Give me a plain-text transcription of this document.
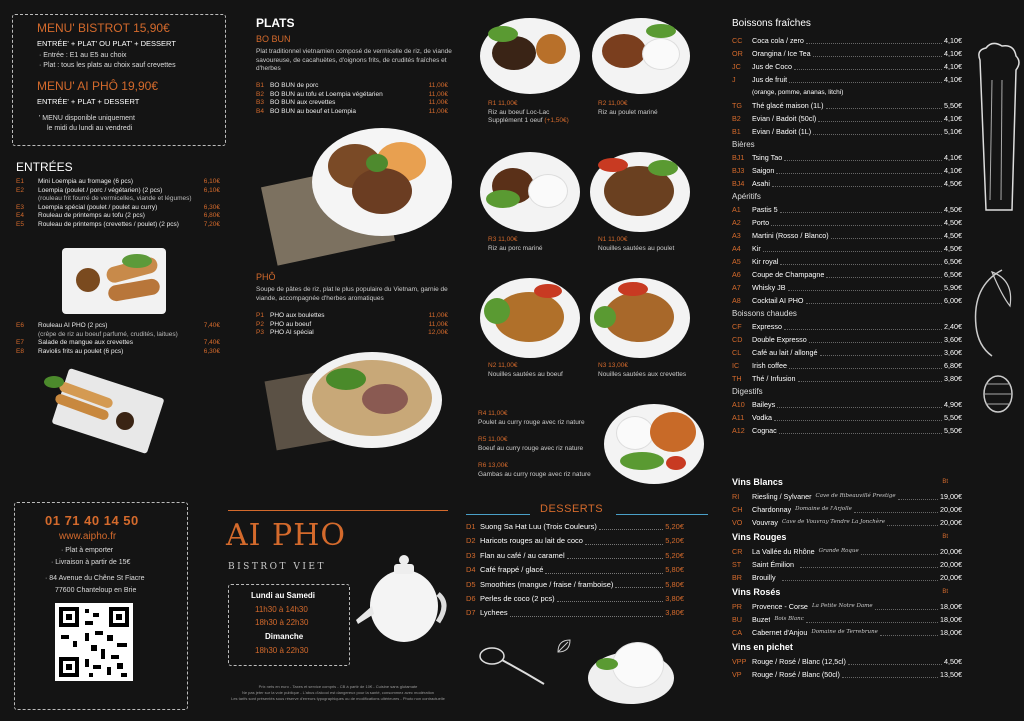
MENU' BISTROT 15,90€
ENTRÉE' + PLAT' OU PLAT' + DESSERT
· Entrée : E1 au E5 au choix
· Plat : tous les plats au choix sauf crevettes
MENU' AI PHÔ 19,90€
ENTRÉE' + PLAT + DESSERT
' MENU disponible uniquement
le midi du lundi au vendredi
ENTRÉES
E1	Mini Loempia au fromage (6 pcs)	6,10€
E2	Loempia (poulet / porc / végétarien) (2 pcs)	6,10€
(rouleau frit fourré de vermicelles, viande et légumes)
E3	Loempia spécial (poulet / poulet au curry)	6,30€
E4	Rouleau de printemps au tofu (2 pcs)	6,80€
E5	Rouleau de printemps (crevettes / poulet) (2 pcs)	7,20€
E6	Rouleau AI PHÔ (2 pcs)	7,40€
(crêpe de riz au boeuf parfumé, crudités, laitues)
E7	Salade de mangue aux crevettes	7,40€
E8	Raviolis frits au poulet (6 pcs)	6,30€
01 71 40 14 50
www.aipho.fr
· Plat à emporter
· Livraison à partir de 15€
· 84 Avenue du Chêne St Fiacre
77600 Chanteloup en Brie
PLATS
BO BUN
Plat traditionnel vietnamien composé de vermicelle de riz, de viande savoureuse, de cacahuètes, d'oignons frits, de crudités fraîches et d'herbes
B1 BO BUN de porc	11,00€
B2 BO BUN au tofu et Loempia végétarien	11,00€
B3 BO BUN aux crevettes	11,00€
B4 BO BUN au boeuf et Loempia	11,00€
PHÔ
Soupe de pâtes de riz, plat le plus populaire du Vietnam, garnie de viande, accompagnée d'herbes aromatiques
P1 PHÔ aux boulettes	11,00€
P2 PHÔ au boeuf	11,00€
P3 PHÔ AI spécial	12,00€
AI PHO
BISTROT VIET
Lundi au Samedi
11h30 à 14h30
18h30 à 22h30
Dimanche
18h30 à 22h30
Prix nets en euro - Taxes et service compris - CB à partir de 10€ - Cuisine sans glutamate
Ne pas jeter sur la voie publique - L'abus d'alcool est dangereux pour la santé, consommez avec modération
Les tarifs sont présentés sous réserve d'erreurs typographiques ou de modifications ultérieures - Photo non contractuelle
R1 11,00€
Riz au boeuf Loc-Lac
Supplément 1 oeuf (+1,50€)
R2 11,00€
Riz au poulet mariné
R3 11,00€
Riz au porc mariné
N1 11,00€
Nouilles sautées au poulet
N2 11,00€
Nouilles sautées au boeuf
N3 13,00€
Nouilles sautées aux crevettes
R4 11,00€
Poulet au curry rouge avec riz nature
R5 11,00€
Boeuf au curry rouge avec riz nature
R6 13,00€
Gambas au curry rouge avec riz nature
DESSERTS
D1 Suong Sa Hat Luu (Trois Couleurs)	5,20€
D2 Haricots rouges au lait de coco	5,20€
D3 Flan au café / au caramel	5,20€
D4 Café frappé / glacé	5,80€
D5 Smoothies (mangue / fraise / framboise)	5,80€
D6 Perles de coco (2 pcs)	3,80€
D7 Lychees	3,80€
Boissons fraîches
CC	Coca cola / zero	4,10€
OR	Orangina / Ice Tea	4,10€
JC	Jus de Coco	4,10€
J	Jus de fruit	4,10€
(orange, pomme, ananas, litchi)
TG	Thé glacé maison (1L)	5,50€
B2	Evian / Badoit (50cl)	4,10€
B1	Evian / Badoit (1L)	5,10€
Bières
BJ1	Tsing Tao	4,10€
BJ3	Saigon	4,10€
BJ4	Asahi	4,50€
Apéritifs
A1	Pastis 5	4,50€
A2	Porto	4,50€
A3	Martini (Rosso / Blanco)	4,50€
A4	Kir	4,50€
A5	Kir royal	6,50€
A6	Coupe de Champagne	6,50€
A7	Whisky JB	5,90€
A8	Cocktail AI PHO	6,00€
Boissons chaudes
CF	Expresso	2,40€
CD	Double Expresso	3,60€
CL	Café au lait / allongé	3,60€
IC	Irish coffee	6,80€
TH	Thé / Infusion	3,80€
Digestifs
A10	Baileys	4,90€
A11	Vodka	5,50€
A12	Cognac	5,50€
Vins Blancs	Bt
RI	Riesling / Sylvaner Cave de Ribeauvillé Prestige	19,00€
CH	Chardonnay Domaine de l'Arjolle	20,00€
VO	Vouvray Cave de Vouvray Tendre La Jonchère	20,00€
Vins Rouges	Bt
CR	La Vallée du Rhône Grande Roque	20,00€
ST	Saint Émilion	20,00€
BR	Brouilly	20,00€
Vins Rosés	Bt
PR	Provence - Corse La Petite Notre Dame	18,00€
BU	Buzet Bois Blanc	18,00€
CA	Cabernet d'Anjou Domaine de Terrebrune	18,00€
Vins en pichet
VPP Rouge / Rosé / Blanc (12,5cl)	4,50€
VP	Rouge / Rosé / Blanc (50cl)	13,50€
